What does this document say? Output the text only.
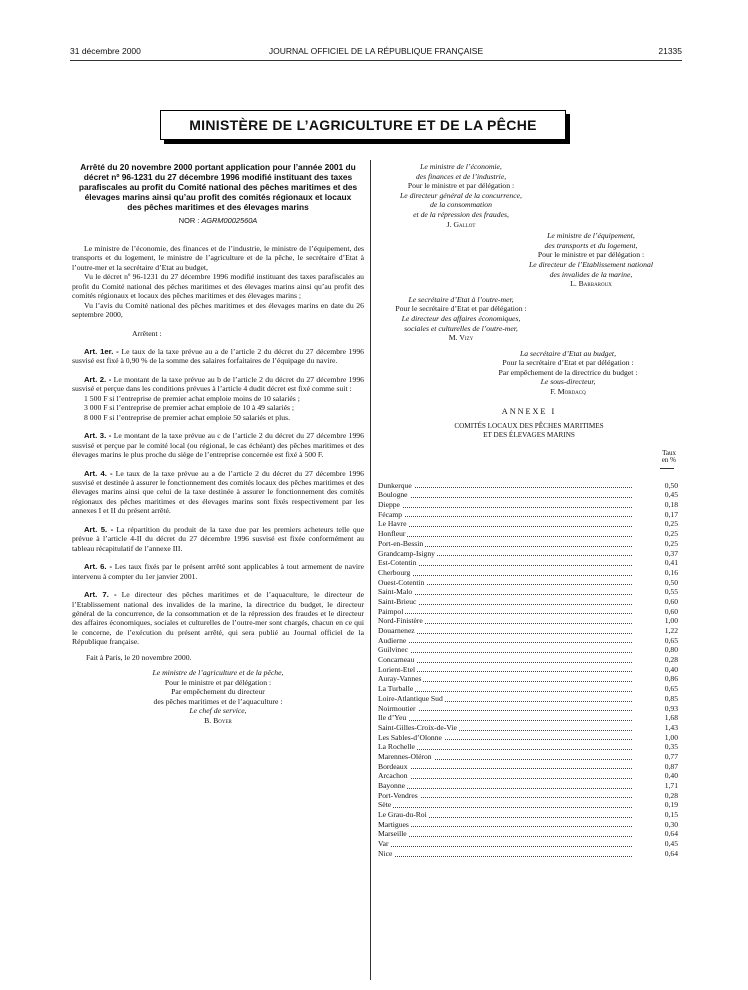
31 décembre 2000	JOURNAL OFFICIEL DE LA RÉPUBLIQUE FRANÇAISE	21335
MINISTÈRE DE L’AGRICULTURE ET DE LA PÊCHE
Arrêté du 20 novembre 2000 portant application pour l’année 2001 du décret nº 96-1231 du 27 décembre 1996 modifié instituant des taxes parafiscales au profit du Comité national des pêches maritimes et des élevages marins ainsi qu’au profit des comités régionaux et locaux des pêches maritimes et des élevages marins
NOR : AGRM0002560A

Le ministre de l’économie, des finances et de l’industrie, le ministre de l’équipement, des transports et du logement, le ministre de l’agriculture et de la pêche, le secrétaire d’Etat à l’outre-mer et la secrétaire d’Etat au budget,

Vu le décret nº 96-1231 du 27 décembre 1996 modifié instituant des taxes parafiscales au profit du Comité national des pêches maritimes et des élevages marins ainsi qu’au profit des comités régionaux et locaux des pêches maritimes et des élevages marins ;

Vu l’avis du Comité national des pêches maritimes et des élevages marins en date du 26 septembre 2000,

Arrêtent :

Art. 1er. - Le taux de la taxe prévue au a de l’article 2 du décret du 27 décembre 1996 susvisé est fixé à 0,90 % de la somme des salaires forfaitaires de l’équipage du navire.

Art. 2. - Le montant de la taxe prévue au b de l’article 2 du décret du 27 décembre 1996 susvisé et perçue dans les conditions prévues à l’article 4 dudit décret est fixé comme suit :

1 500 F si l’entreprise de premier achat emploie moins de 10 salariés ;

3 000 F si l’entreprise de premier achat emploie de 10 à 49 salariés ;

8 000 F si l’entreprise de premier achat emploie 50 salariés et plus.

Art. 3. - Le montant de la taxe prévue au c de l’article 2 du décret du 27 décembre 1996 susvisé et perçue par le comité local (ou régional, le cas échéant) des pêches maritimes et des élevages marins le plus proche du siège de l’entreprise concernée est fixé à 500 F.

Art. 4. - Le taux de la taxe prévue au a de l’article 2 du décret du 27 décembre 1996 susvisé et destinée à assurer le fonctionnement des comités locaux des pêches maritimes et des élevages marins ainsi que celui de la taxe destinée à assurer le fonctionnement des comités régionaux des pêches maritimes et des élevages marins sont fixés respectivement par les annexes I et II du présent arrêté.

Art. 5. - La répartition du produit de la taxe due par les premiers acheteurs telle que prévue à l’article 4-II du décret du 27 décembre 1996 susvisé est fixée conformément au tableau récapitulatif de l’annexe III.

Art. 6. - Les taux fixés par le présent arrêté sont applicables à tout armement de navire intervenu à compter du 1er janvier 2001.

Art. 7. - Le directeur des pêches maritimes et de l’aquaculture, le directeur de l’Etablissement national des invalides de la marine, la directrice du budget, le directeur général de la concurrence, de la consommation et de la répression des fraudes et le directeur des affaires économiques, sociales et culturelles de l’outre-mer sont chargés, chacun en ce qui le concerne, de l’exécution du présent arrêté, qui sera publié au Journal officiel de la République française.

Fait à Paris, le 20 novembre 2000.

Le ministre de l’agriculture et de la pêche,
Pour le ministre et par délégation :
Par empêchement du directeur
des pêches maritimes et de l’aquaculture :
Le chef de service,
B. Boyer
Le ministre de l’économie,
des finances et de l’industrie,
Pour le ministre et par délégation :
Le directeur général de la concurrence,
de la consommation
et de la répression des fraudes,
J. Gallot
Le ministre de l’équipement,
des transports et du logement,
Pour le ministre et par délégation :
Le directeur de l’Etablissement national
des invalides de la marine,
L. Barbaroux
Le secrétaire d’Etat à l’outre-mer,
Pour le secrétaire d’Etat et par délégation :
Le directeur des affaires économiques,
sociales et culturelles de l’outre-mer,
M. Vizy
La secrétaire d’Etat au budget,
Pour la secrétaire d’Etat et par délégation :
Par empêchement de la directrice du budget :
Le sous-directeur,
F. Mordacq
ANNEXE I
COMITÉS LOCAUX DES PÊCHES MARITIMES
ET DES ÉLEVAGES MARINS
Taux
en %
Dunkerque	0,50
Boulogne	0,45
Dieppe	0,18
Fécamp	0,17
Le Havre	0,25
Honfleur	0,25
Port-en-Bessin	0,25
Grandcamp-Isigny	0,37
Est-Cotentin	0,41
Cherbourg	0,16
Ouest-Cotentin	0,50
Saint-Malo	0,55
Saint-Brieuc	0,60
Paimpol	0,60
Nord-Finistère	1,00
Douarnenez	1,22
Audierne	0,65
Guilvinec	0,80
Concarneau	0,28
Lorient-Etel	0,40
Auray-Vannes	0,86
La Turballe	0,65
Loire-Atlantique Sud	0,85
Noirmoutier	0,93
Ile d’Yeu	1,68
Saint-Gilles-Croix-de-Vie	1,43
Les Sables-d’Olonne	1,00
La Rochelle	0,35
Marennes-Oléron	0,77
Bordeaux	0,87
Arcachon	0,40
Bayonne	1,71
Port-Vendres	0,28
Sète	0,19
Le Grau-du-Roi	0,15
Martigues	0,30
Marseille	0,64
Var	0,45
Nice	0,64
